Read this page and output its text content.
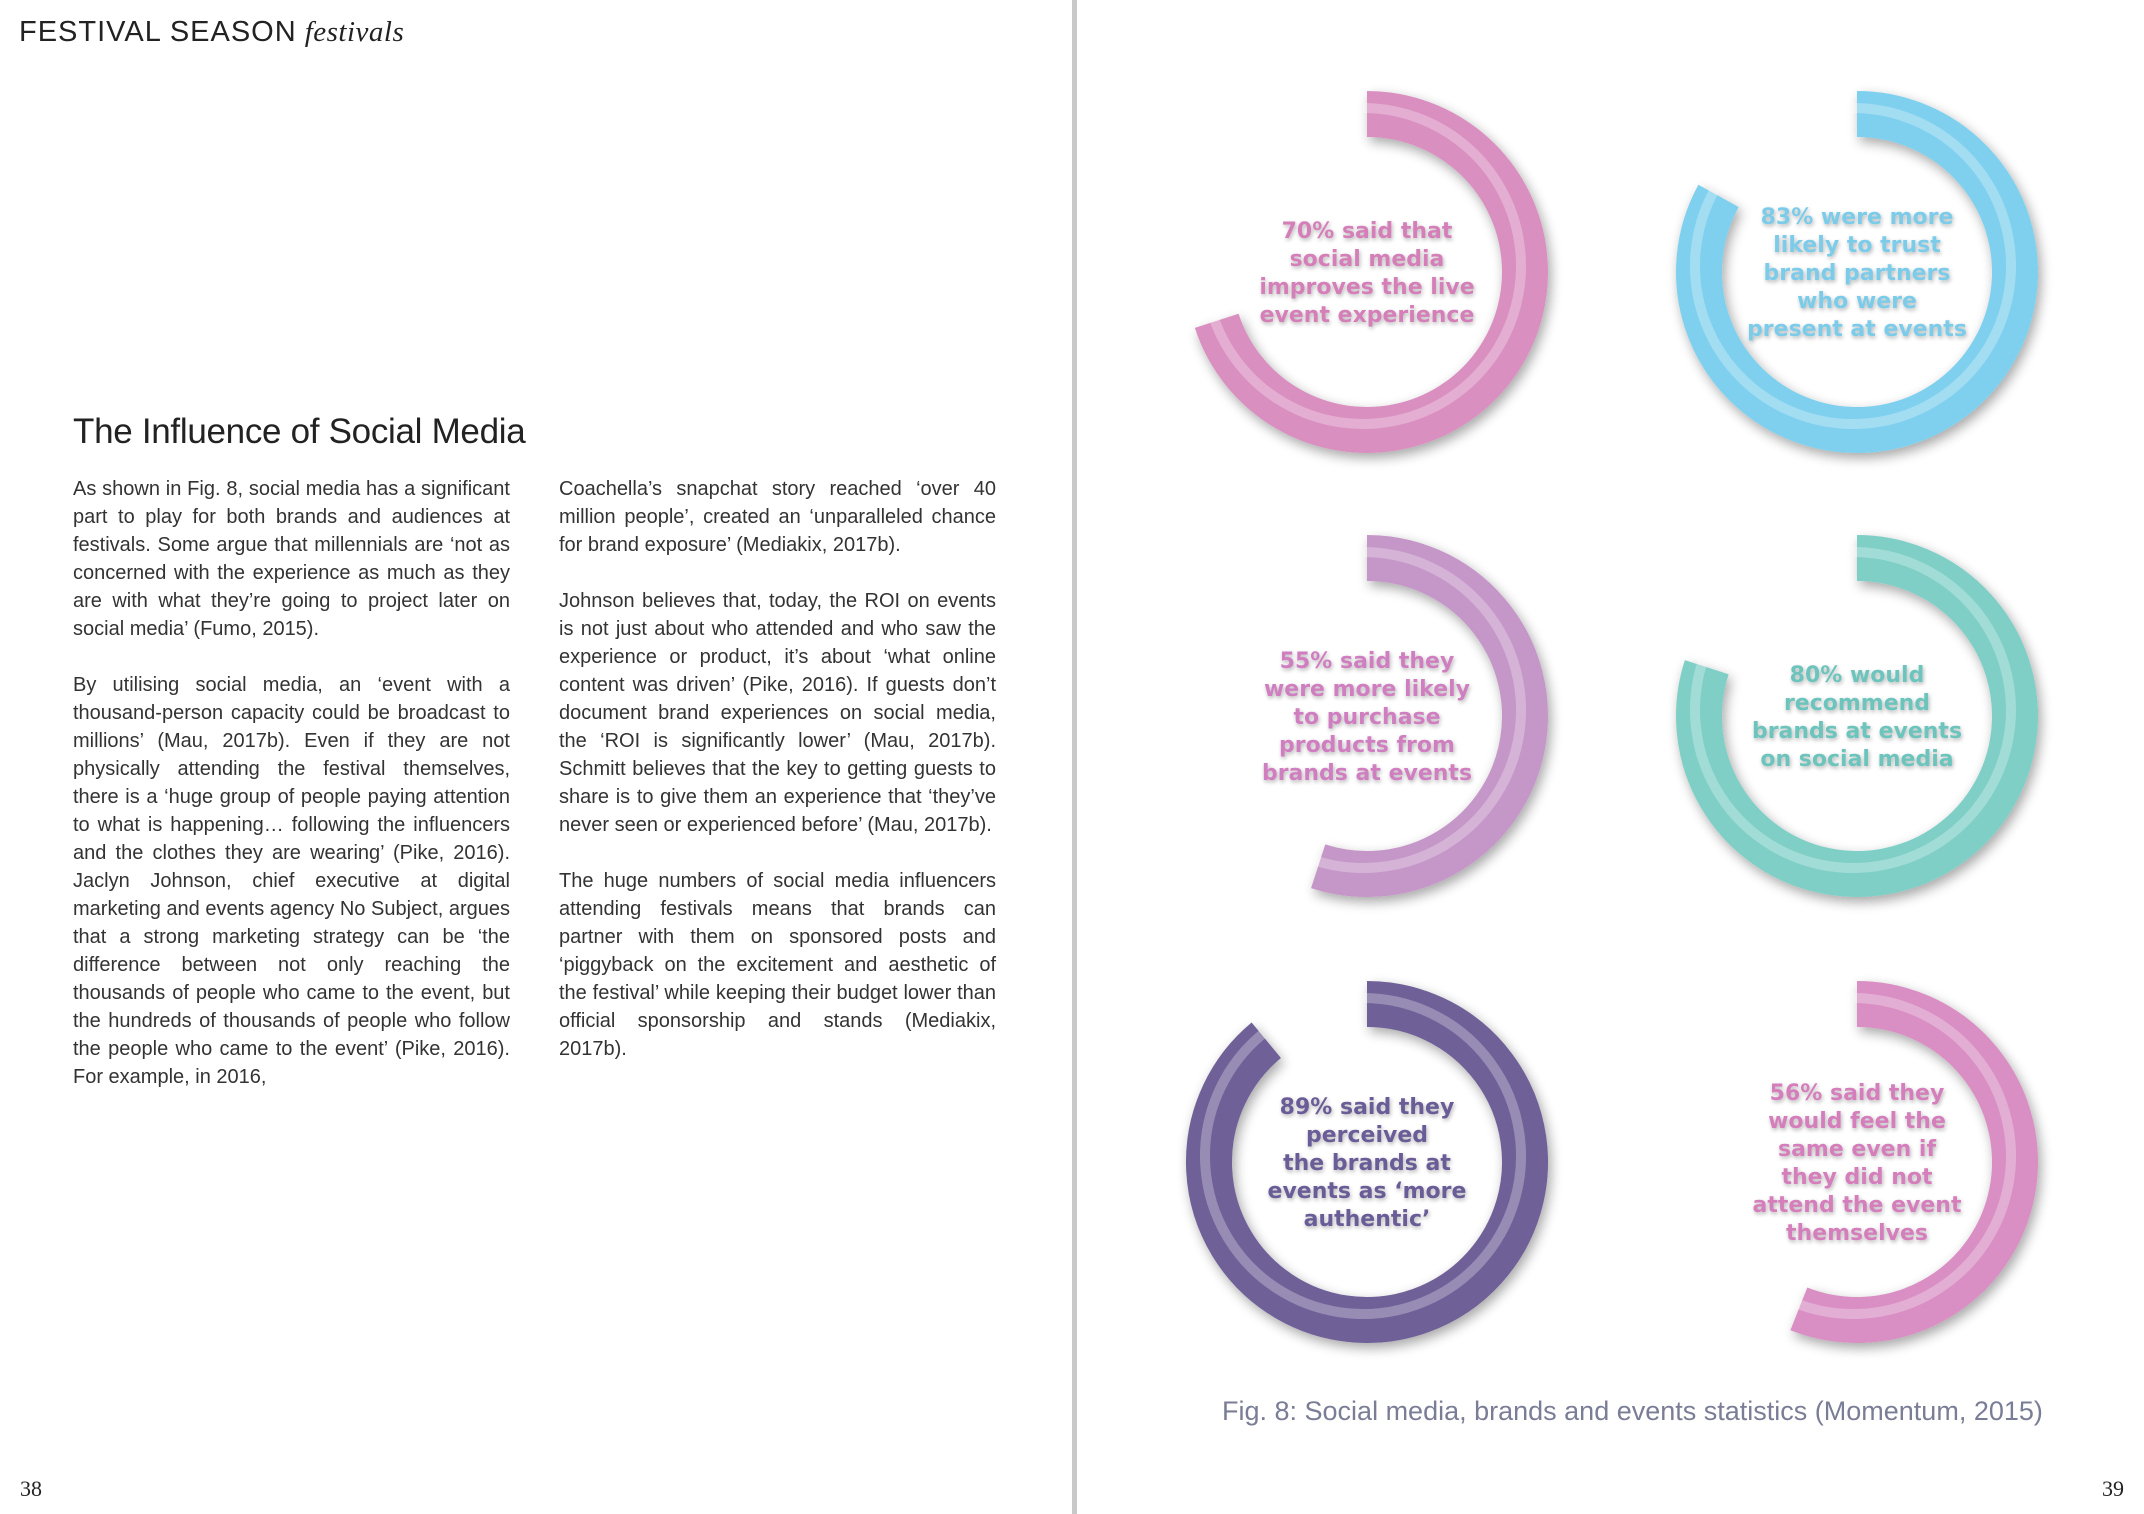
FESTIVAL SEASON festivals
The Influence of Social Media

As shown in Fig. 8, social media has a significant part to play for both brands and audiences at festivals. Some argue that millennials are ‘not as concerned with the experience as much as they are with what they’re going to project later on social media’ (Fumo, 2015).

By utilising social media, an ‘event with a thousand-person capacity could be broadcast to millions’ (Mau, 2017b). Even if they are not physically attending the festival themselves, there is a ‘huge group of people paying attention to what is happening… following the influencers and the clothes they are wearing’ (Pike, 2016). Jaclyn Johnson, chief executive at digital marketing and events agency No Subject, argues that a strong marketing strategy can be ‘the difference between not only reaching the thousands of people who came to the event, but the hundreds of thousands of people who follow the people who came to the event’ (Pike, 2016). For example, in 2016,

Coachella’s snapchat story reached ‘over 40 million people’, created an ‘unparalleled chance for brand exposure’ (Mediakix, 2017b).

Johnson believes that, today, the ROI on events is not just about who attended and who saw the experience or product, it’s about ‘what online content was driven’ (Pike, 2016). If guests don’t document brand experiences on social media, the ‘ROI is significantly lower’ (Mau, 2017b). Schmitt believes that the key to getting guests to share is to give them an experience that ‘they’ve never seen or experienced before’ (Mau, 2017b).

The huge numbers of social media influencers attending festivals means that brands can partner with them on sponsored posts and ‘piggyback on the excitement and aesthetic of the festival’ while keeping their budget lower than official sponsorship and stands (Mediakix, 2017b).

38
70% said that social media improves the live event experience
83% were more likely to trust brand partners who were present at events
55% said they were more likely to purchase products from brands at events
80% would recommend brands at events on social media
89% said they perceived the brands at events as ‘more authentic’
56% said they would feel the same even if they did not attend the event themselves
Fig. 8: Social media, brands and events statistics (Momentum, 2015)
39
